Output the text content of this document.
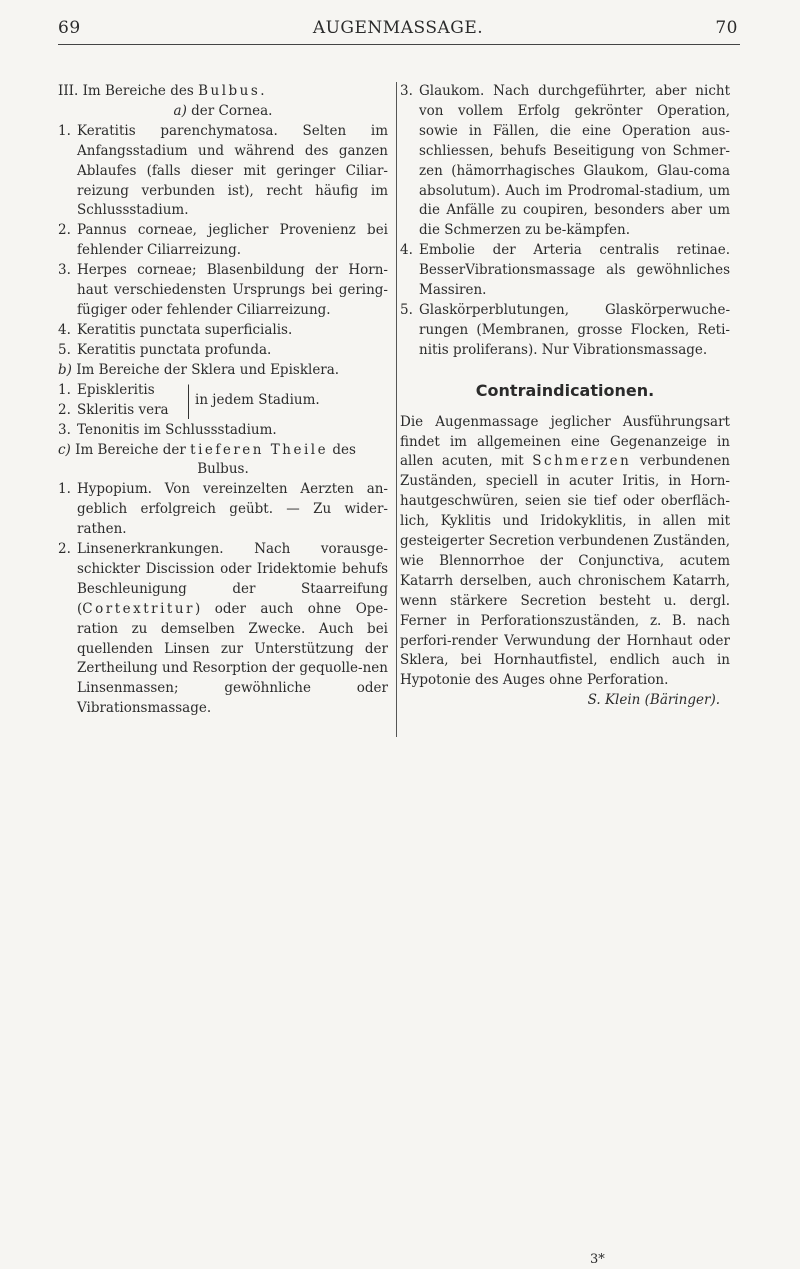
69	AUGENMASSAGE.	70

III. Im Bereiche des Bulbus.

a) der Cornea.

1. Keratitis parenchymatosa. Selten im Anfangsstadium und während des ganzen Ablaufes (falls dieser mit geringer Ciliar-reizung verbunden ist), recht häufig im Schlussstadium.

2. Pannus corneae, jeglicher Provenienz bei fehlender Ciliarreizung.

3. Herpes corneae; Blasenbildung der Horn-haut verschiedensten Ursprungs bei gering-fügiger oder fehlender Ciliarreizung.

4. Keratitis punctata superficialis.

5. Keratitis punctata profunda.

b) Im Bereiche der Sklera und Episklera.

1. Episkleritis
2. Skleritis vera
in jedem Stadium.

3. Tenonitis im Schlussstadium.

c) Im Bereiche der tieferen Theile des

Bulbus.

1. Hypopium. Von vereinzelten Aerzten an-geblich erfolgreich geübt. — Zu wider-rathen.

2. Linsenerkrankungen. Nach vorausge-schickter Discission oder Iridektomie behufs Beschleunigung der Staarreifung (Cortextritur) oder auch ohne Ope-ration zu demselben Zwecke. Auch bei quellenden Linsen zur Unterstützung der Zertheilung und Resorption der gequolle-nen Linsenmassen; gewöhnliche oder Vibrationsmassage.

3. Glaukom. Nach durchgeführter, aber nicht von vollem Erfolg gekrönter Operation, sowie in Fällen, die eine Operation aus-schliessen, behufs Beseitigung von Schmer-zen (hämorrhagisches Glaukom, Glau-coma absolutum). Auch im Prodromal-stadium, um die Anfälle zu coupiren, besonders aber um die Schmerzen zu be-kämpfen.

4. Embolie der Arteria centralis retinae. BesserVibrationsmassage als gewöhnliches Massiren.

5. Glaskörperblutungen, Glaskörperwuche-rungen (Membranen, grosse Flocken, Reti-nitis proliferans). Nur Vibrationsmassage.

Contraindicationen.

Die Augenmassage jeglicher Ausführungsart findet im allgemeinen eine Gegenanzeige in allen acuten, mit Schmerzen verbundenen Zuständen, speciell in acuter Iritis, in Horn-hautgeschwüren, seien sie tief oder oberfläch-lich, Kyklitis und Iridokyklitis, in allen mit gesteigerter Secretion verbundenen Zuständen, wie Blennorrhoe der Conjunctiva, acutem Katarrh derselben, auch chronischem Katarrh, wenn stärkere Secretion besteht u. dergl. Ferner in Perforationszuständen, z. B. nach perfori-render Verwundung der Hornhaut oder Sklera, bei Hornhautfistel, endlich auch in Hypotonie des Auges ohne Perforation.

S. Klein (Bäringer).

3*
